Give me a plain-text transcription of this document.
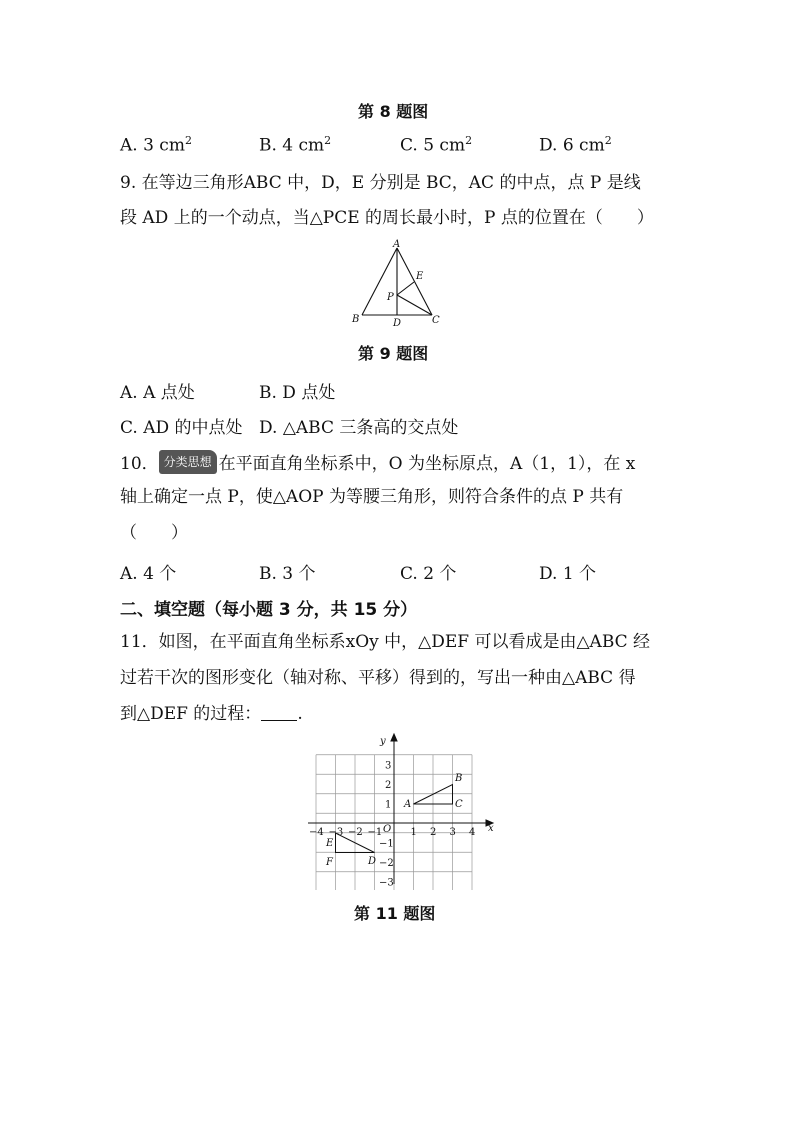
第 8 题图
A. 3 $cm^2$	B. 4 $cm^2$	C. 5 $cm^2$	D. 6 $cm^2$
9. 在等边三角形ABC 中，D，E 分别是 BC，AC 的中点，点 P 是线
段 AD 上的一个动点，当△PCE 的周长最小时，P 点的位置在（　　）
A
B	C
D
E
P
第 9 题图
A. A 点处	B. D 点处
C. AD 的中点处 D. △ABC 三条高的交点处
10． 分类思想 在平面直角坐标系中，O 为坐标原点，A（1，1），在 x
轴上确定一点 P，使△AOP 为等腰三角形，则符合条件的点 P 共有
（　　）
A. 4 个	B. 3 个	C. 2 个	D. 1 个
二、填空题（每小题 3 分，共 15 分）
11．如图，在平面直角坐标系xOy 中，△DEF 可以看成是由△ABC 经
过若干次的图形变化（轴对称、平移）得到的，写出一种由△ABC 得
到△DEF 的过程： .
−4 −3 −2 −1	1 2 3 4
3
2
1
−1
−2
−3
x
y
O
A
B
C
D
E
F
第 11 题图
